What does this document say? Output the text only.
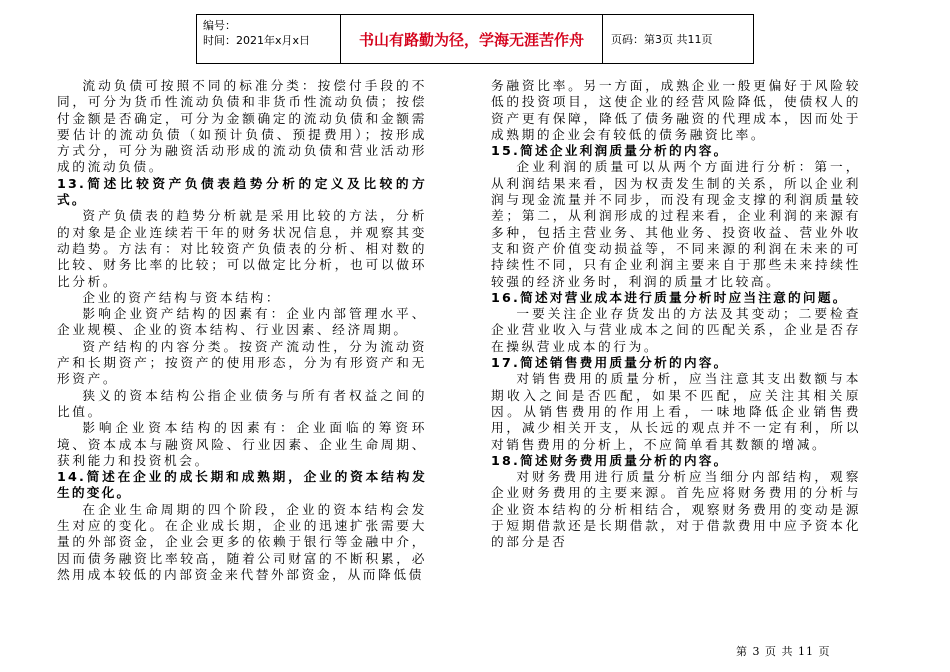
编号：
时间：2021年x月x日	书山有路勤为径，学海无涯苦作舟	页码：第3页 共11页

流动负债可按照不同的标准分类：按偿付手段的不同，可分为货币性流动负债和非货币性流动负债；按偿付金额是否确定，可分为金额确定的流动负债和金额需要估计的流动负债（如预计负债、预提费用）；按形成方式分，可分为融资活动形成的流动负债和营业活动形成的流动负债。

13.简述比较资产负债表趋势分析的定义及比较的方式。

资产负债表的趋势分析就是采用比较的方法，分析的对象是企业连续若干年的财务状况信息，并观察其变动趋势。方法有：对比较资产负债表的分析、相对数的比较、财务比率的比较；可以做定比分析，也可以做环比分析。

企业的资产结构与资本结构：

影响企业资产结构的因素有：企业内部管理水平、企业规模、企业的资本结构、行业因素、经济周期。

资产结构的内容分类。按资产流动性，分为流动资产和长期资产；按资产的使用形态，分为有形资产和无形资产。

狭义的资本结构公指企业债务与所有者权益之间的比值。

影响企业资本结构的因素有：企业面临的筹资环境、资本成本与融资风险、行业因素、企业生命周期、获利能力和投资机会。

14.简述在企业的成长期和成熟期，企业的资本结构发生的变化。

在企业生命周期的四个阶段，企业的资本结构会发生对应的变化。在企业成长期，企业的迅速扩张需要大量的外部资金，企业会更多的依赖于银行等金融中介，因而债务融资比率较高，随着公司财富的不断积累，必然用成本较低的内部资金来代替外部资金，从而降低债

务融资比率。另一方面，成熟企业一般更偏好于风险较低的投资项目，这使企业的经营风险降低，使债权人的资产更有保障，降低了债务融资的代理成本，因而处于成熟期的企业会有较低的债务融资比率。

15.简述企业利润质量分析的内容。

企业利润的质量可以从两个方面进行分析：第一，从利润结果来看，因为权责发生制的关系，所以企业利润与现金流量并不同步，而没有现金支撑的利润质量较差；第二，从利润形成的过程来看，企业利润的来源有多种，包括主营业务、其他业务、投资收益、营业外收支和资产价值变动损益等，不同来源的利润在未来的可持续性不同，只有企业利润主要来自于那些未来持续性较强的经济业务时，利润的质量才比较高。

16.简述对营业成本进行质量分析时应当注意的问题。

一要关注企业存货发出的方法及其变动；二要检查企业营业收入与营业成本之间的匹配关系，企业是否存在操纵营业成本的行为。

17.简述销售费用质量分析的内容。

对销售费用的质量分析，应当注意其支出数额与本期收入之间是否匹配，如果不匹配，应关注其相关原因。从销售费用的作用上看，一味地降低企业销售费用，减少相关开支，从长远的观点并不一定有利，所以对销售费用的分析上，不应简单看其数额的增减。

18.简述财务费用质量分析的内容。

对财务费用进行质量分析应当细分内部结构，观察企业财务费用的主要来源。首先应将财务费用的分析与企业资本结构的分析相结合，观察财务费用的变动是源于短期借款还是长期借款，对于借款费用中应予资本化的部分是否

第 3 页 共 11 页
